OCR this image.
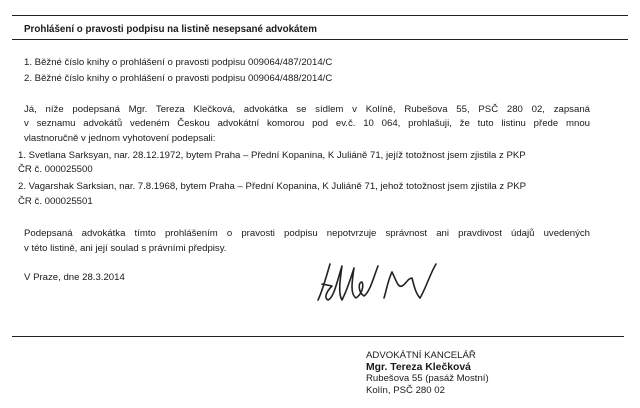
Prohlášení o pravosti podpisu na listině nesepsané advokátem
1. Běžné číslo knihy o prohlášení o pravosti podpisu 009064/487/2014/C
2. Běžné číslo knihy o prohlášení o pravosti podpisu 009064/488/2014/C
Já, níže podepsaná Mgr. Tereza Klečková, advokátka se sídlem v Kolíně, Rubešova 55, PSČ 280 02, zapsaná
v seznamu advokátů vedeném Českou advokátní komorou pod ev.č. 10 064, prohlašuji, že tuto listinu přede mnou
vlastnoručně v jednom vyhotovení podepsali:
1. Svetlana Sarksyan, nar. 28.12.1972, bytem Praha – Přední Kopanina, K Juliáně 71, jejíž totožnost jsem zjistila z PKP
ČR č. 000025500
2. Vagarshak Sarksian, nar. 7.8.1968, bytem Praha – Přední Kopanina, K Juliáně 71, jehož totožnost jsem zjistila z PKP
ČR č. 000025501
Podepsaná advokátka tímto prohlášením o pravosti podpisu nepotvrzuje správnost ani pravdivost údajů uvedených
v této listině, ani její soulad s právními předpisy.
V Praze, dne 28.3.2014
ADVOKÁTNÍ KANCELÁŘ
Mgr. Tereza Klečková
Rubešova 55 (pasáž Mostní)
Kolín, PSČ 280 02
